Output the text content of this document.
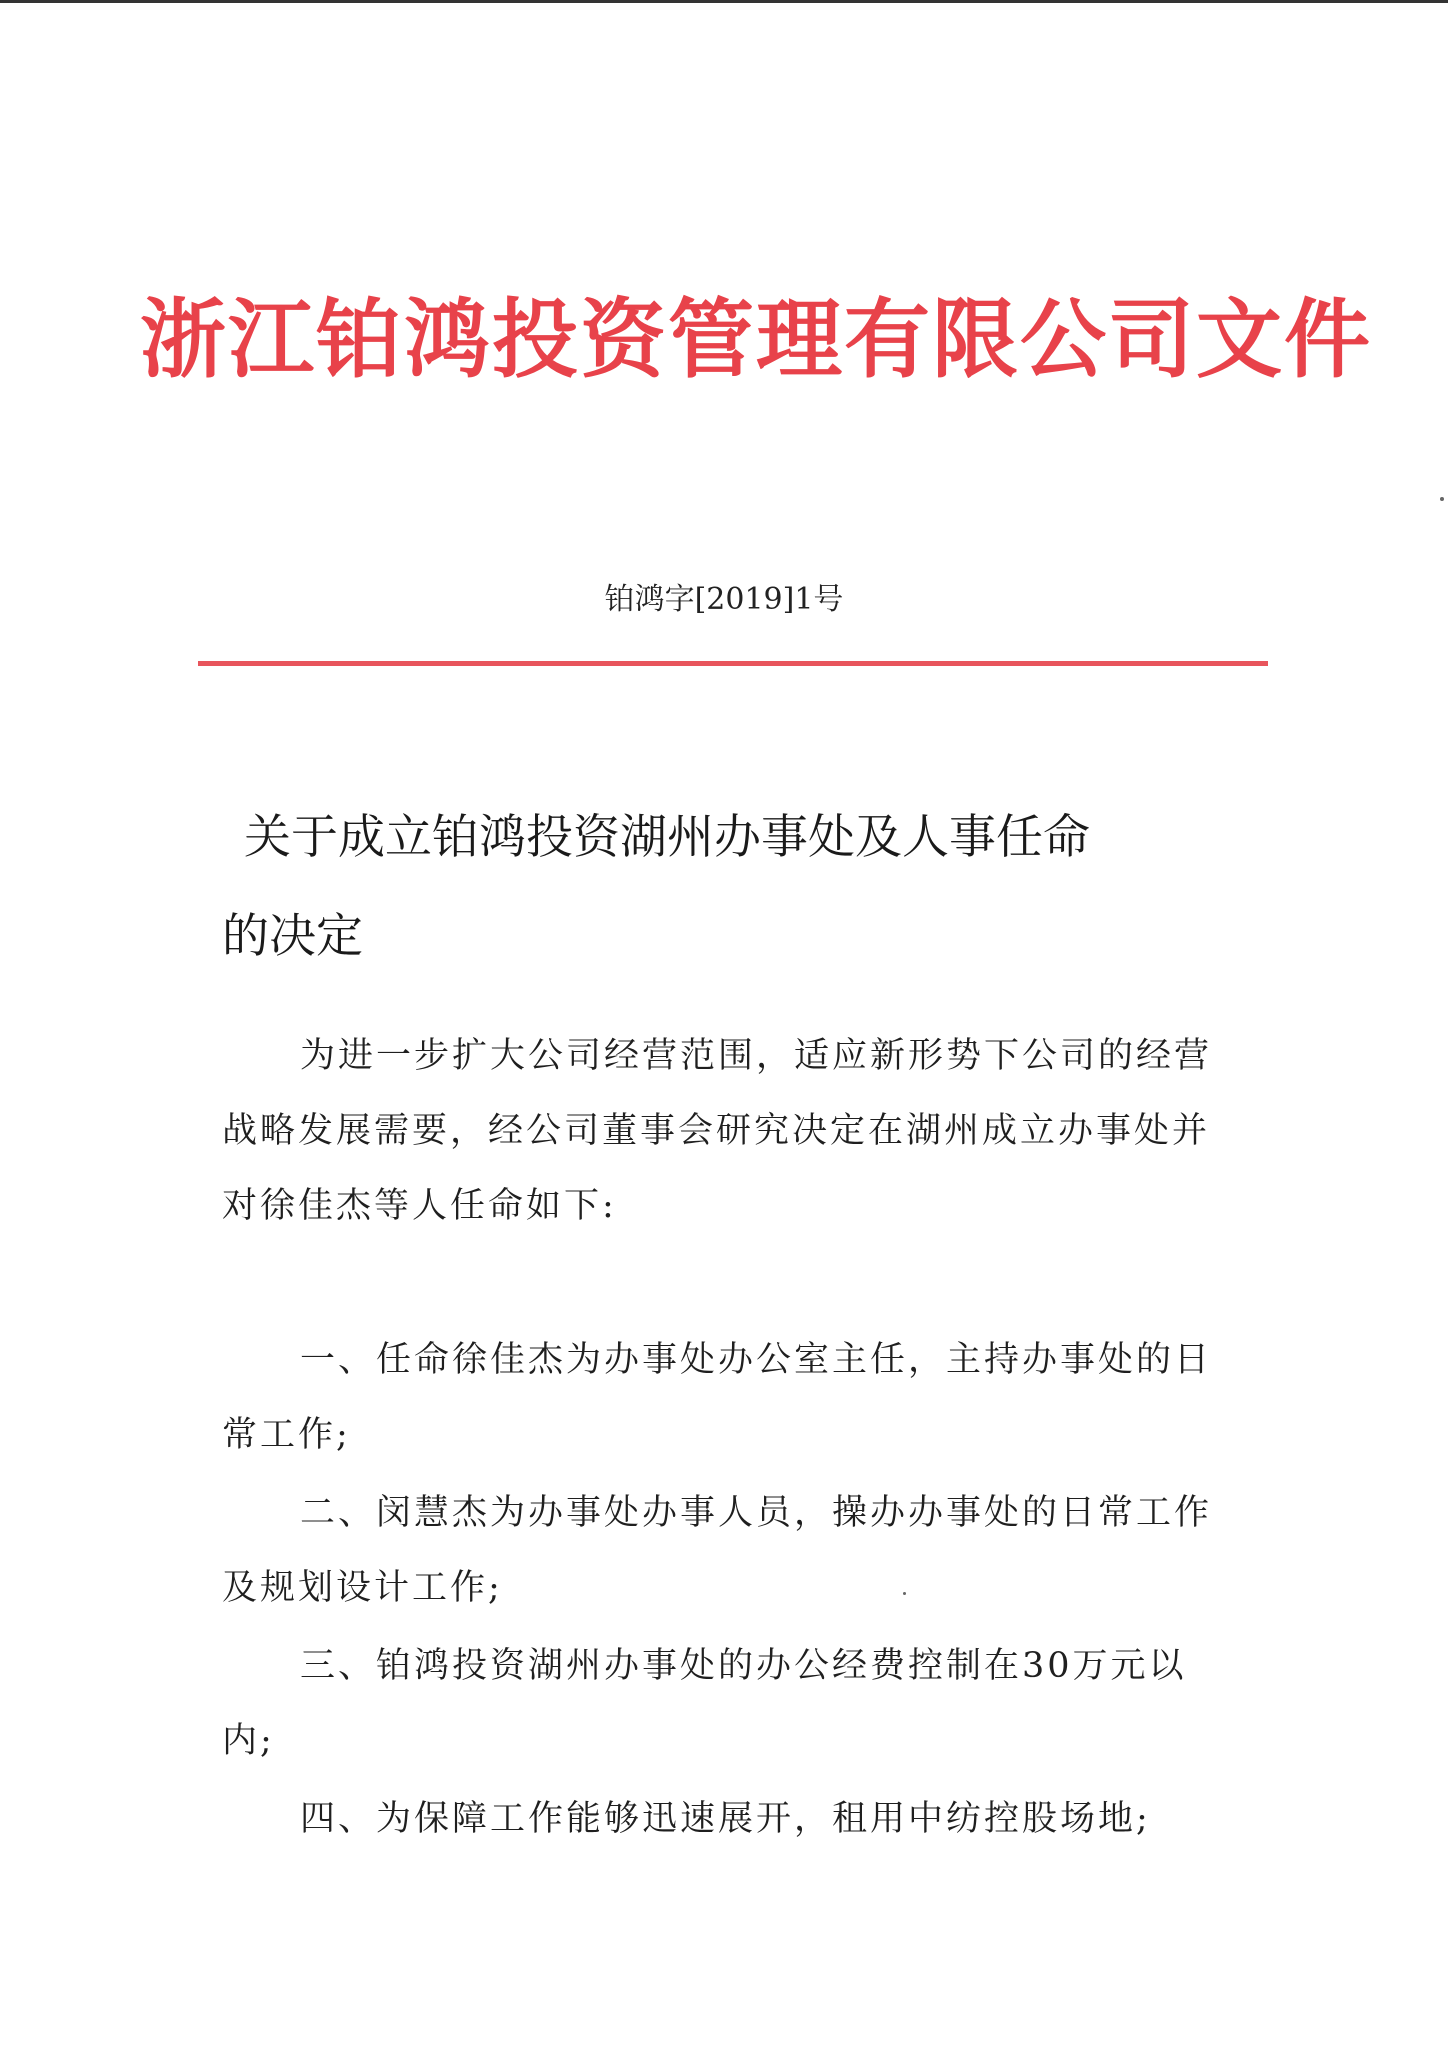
浙江铂鸿投资管理有限公司文件
铂鸿字[2019]1号
关于成立铂鸿投资湖州办事处及人事任命
的决定

为进一步扩大公司经营范围，适应新形势下公司的经营战略发展需要，经公司董事会研究决定在湖州成立办事处并对徐佳杰等人任命如下:

一、任命徐佳杰为办事处办公室主任，主持办事处的日常工作;

二、闵慧杰为办事处办事人员，操办办事处的日常工作及规划设计工作;

三、铂鸿投资湖州办事处的办公经费控制在30万元以内;

四、为保障工作能够迅速展开，租用中纺控股场地;
